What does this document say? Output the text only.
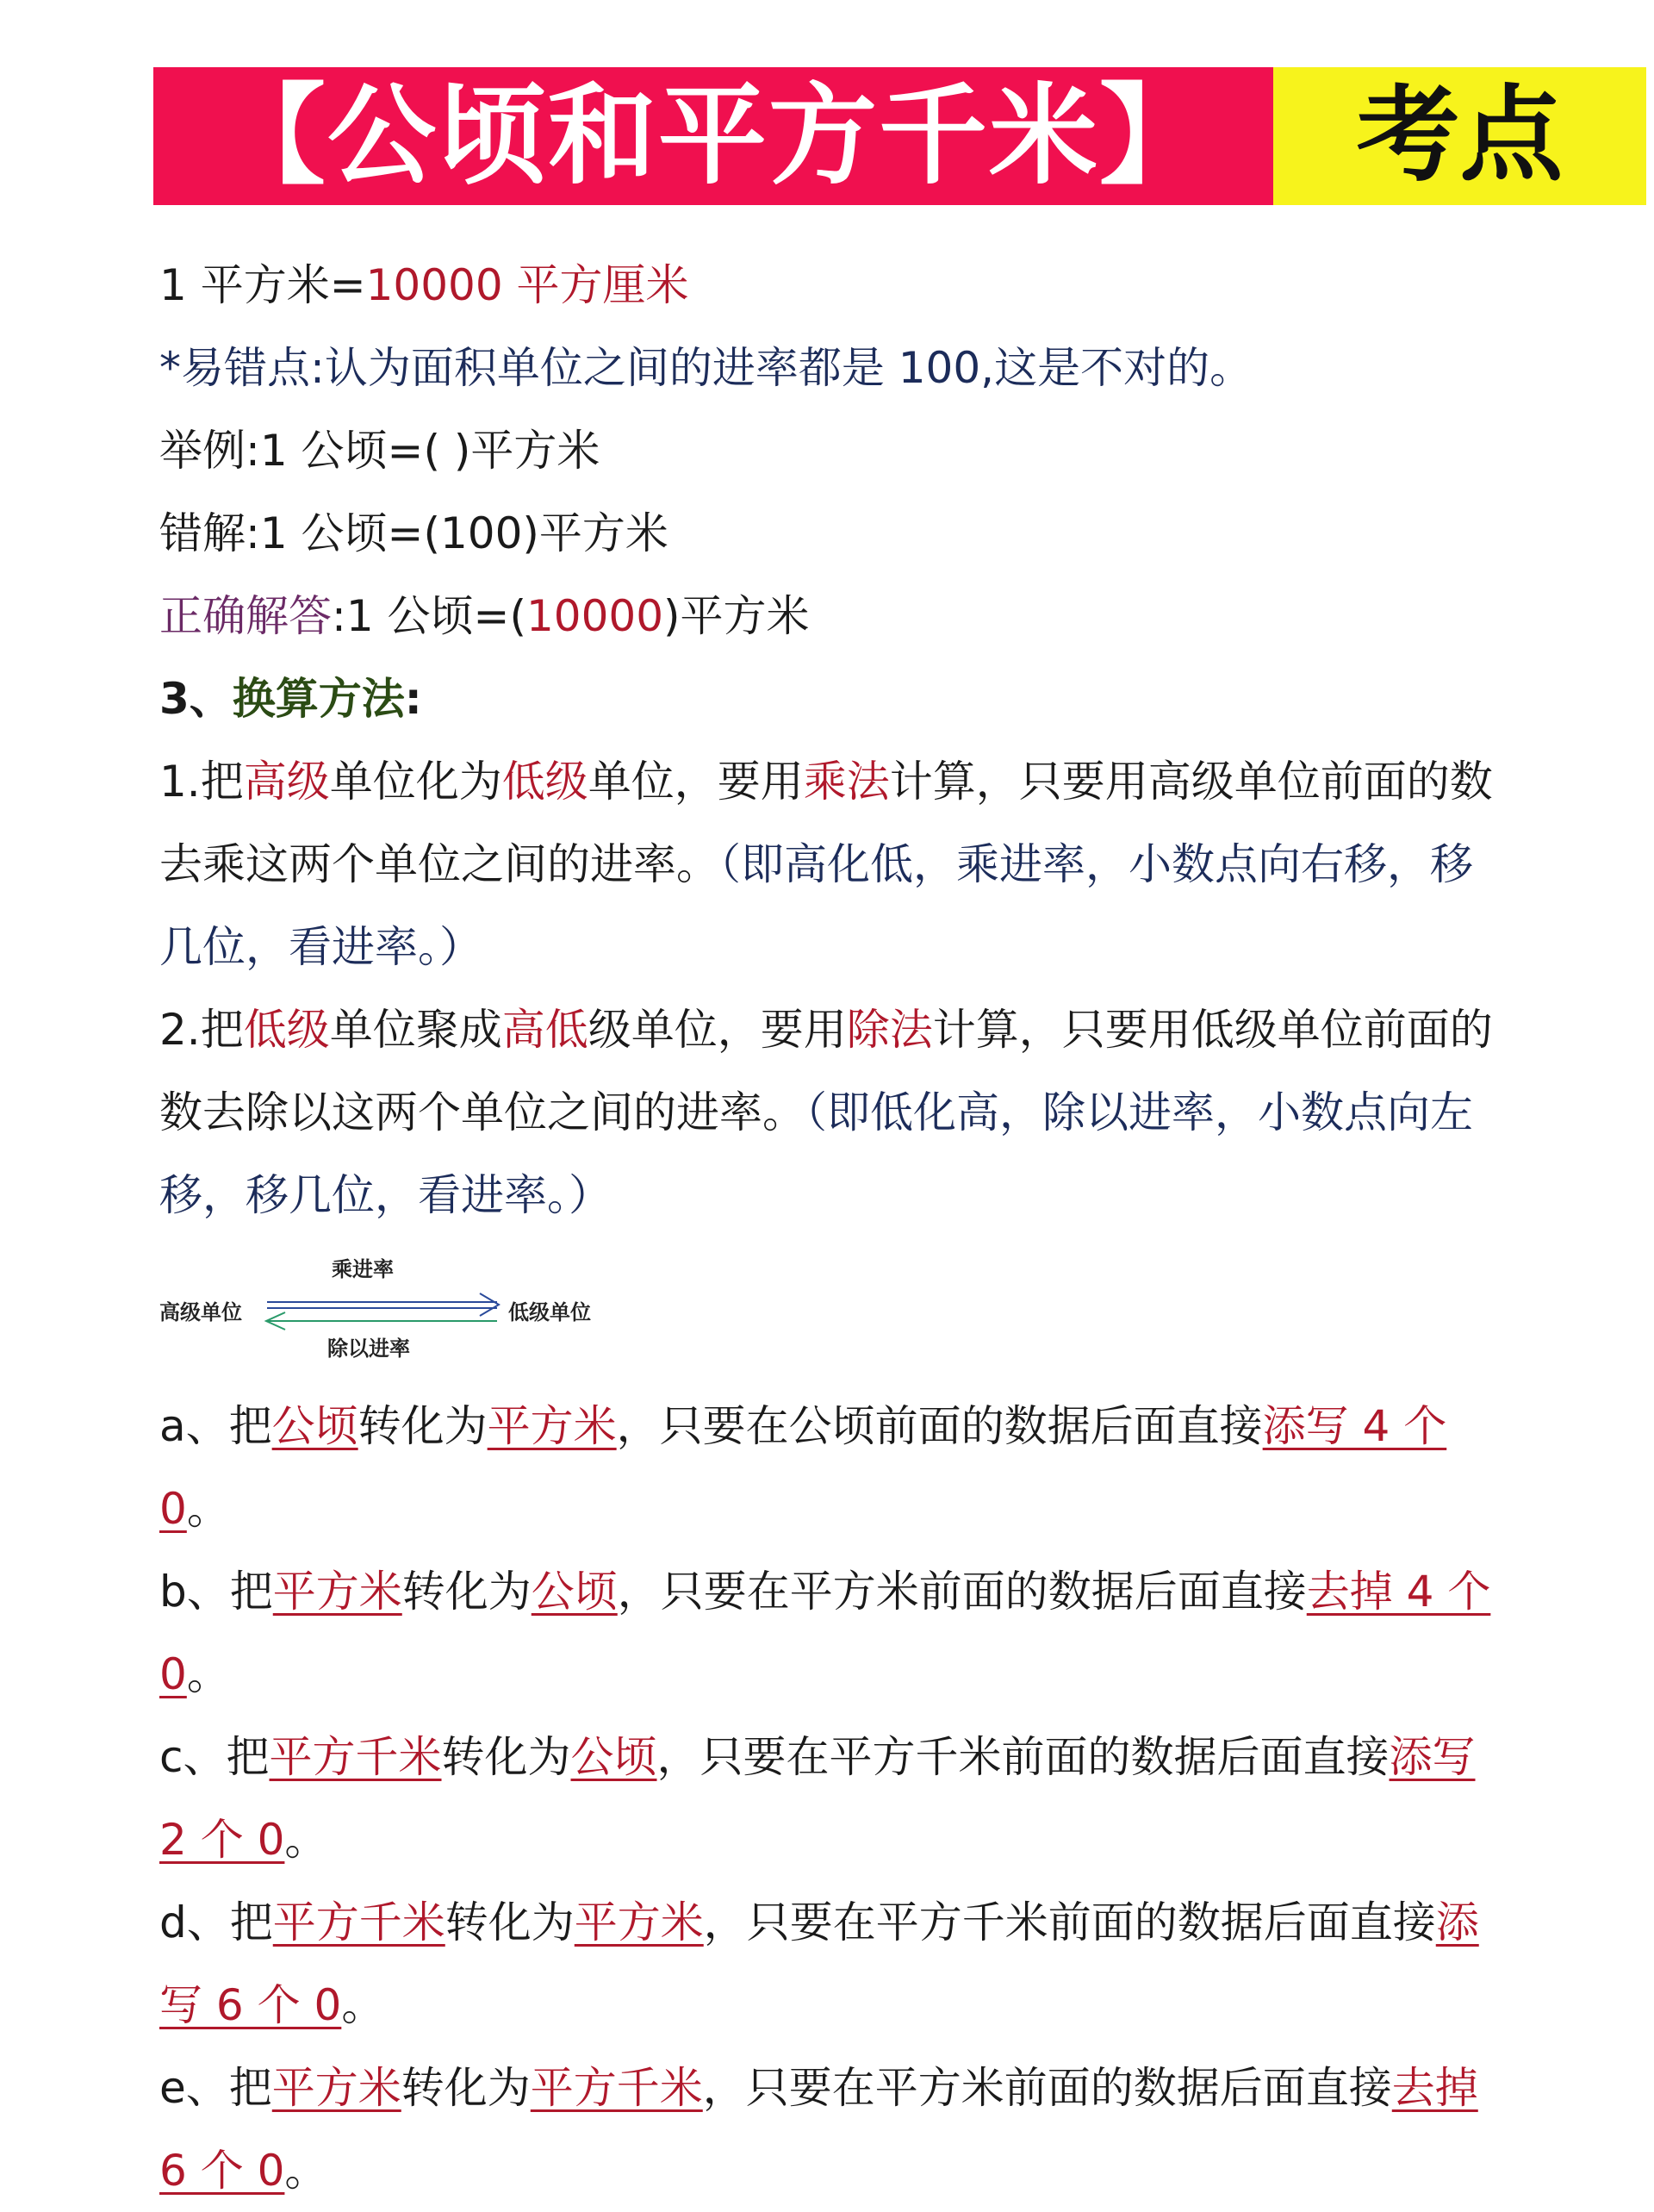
【公顷和平方千米】	考点
1 平方米=10000 平方厘米
*易错点:认为面积单位之间的进率都是 100,这是不对的。
举例:1 公顷=( )平方米
错解:1 公顷=(100)平方米
正确解答:1 公顷=(10000)平方米
3、换算方法:
1.把高级单位化为低级单位，要用乘法计算，只要用高级单位前面的数去乘这两个单位之间的进率。（即高化低，乘进率，小数点向右移，移几位，看进率。）
2.把低级单位聚成高低级单位，要用除法计算，只要用低级单位前面的数去除以这两个单位之间的进率。（即低化高，除以进率，小数点向左移，移几位，看进率。）
高级单位
乘进率
除以进率
低级单位
a、把公顷转化为平方米，只要在公顷前面的数据后面直接添写 4 个 0。
b、把平方米转化为公顷，只要在平方米前面的数据后面直接去掉 4 个 0。
c、把平方千米转化为公顷，只要在平方千米前面的数据后面直接添写 2 个 0。
d、把平方千米转化为平方米，只要在平方千米前面的数据后面直接添写 6 个 0。
e、把平方米转化为平方千米，只要在平方米前面的数据后面直接去掉 6 个 0。
